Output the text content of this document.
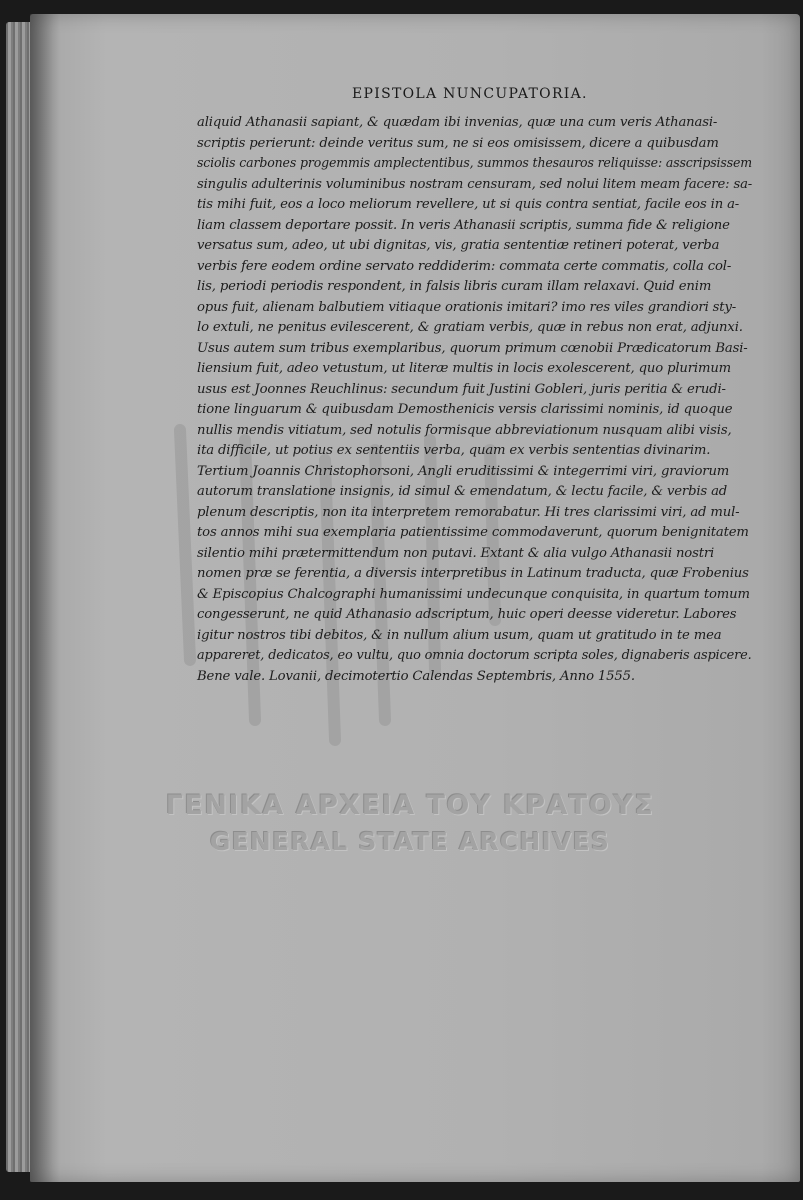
EPISTOLA NUNCUPATORIA.
aliquid Athanasii sapiant, & quædam ibi invenias, quæ una cum veris Athanasi-
scriptis perierunt: deinde veritus sum, ne si eos omisissem, dicere a quibusdam
sciolis carbones progemmis amplectentibus, summos thesauros reliquisse: asscripsissem
singulis adulterinis voluminibus nostram censuram, sed nolui litem meam facere: sa-
tis mihi fuit, eos a loco meliorum revellere, ut si quis contra sentiat, facile eos in a-
liam classem deportare possit. In veris Athanasii scriptis, summa fide & religione
versatus sum, adeo, ut ubi dignitas, vis, gratia sententiæ retineri poterat, verba
verbis fere eodem ordine servato reddiderim: commata certe commatis, colla col-
lis, periodi periodis respondent, in falsis libris curam illam relaxavi. Quid enim
opus fuit, alienam balbutiem vitiaque orationis imitari? imo res viles grandiori sty-
lo extuli, ne penitus evilescerent, & gratiam verbis, quæ in rebus non erat, adjunxi.
Usus autem sum tribus exemplaribus, quorum primum cœnobii Prædicatorum Basi-
liensium fuit, adeo vetustum, ut literæ multis in locis exolescerent, quo plurimum
usus est Joonnes Reuchlinus: secundum fuit Justini Gobleri, juris peritia & erudi-
tione linguarum & quibusdam Demosthenicis versis clarissimi nominis, id quoque
nullis mendis vitiatum, sed notulis formisque abbreviationum nusquam alibi visis,
ita difficile, ut potius ex sententiis verba, quam ex verbis sententias divinarim.
Tertium Joannis Christophorsoni, Angli eruditissimi & integerrimi viri, graviorum
autorum translatione insignis, id simul & emendatum, & lectu facile, & verbis ad
plenum descriptis, non ita interpretem remorabatur. Hi tres clarissimi viri, ad mul-
tos annos mihi sua exemplaria patientissime commodaverunt, quorum benignitatem
silentio mihi prætermittendum non putavi. Extant & alia vulgo Athanasii nostri
nomen præ se ferentia, a diversis interpretibus in Latinum traducta, quæ Frobenius
& Episcopius Chalcographi humanissimi undecunque conquisita, in quartum tomum
congesserunt, ne quid Athanasio adscriptum, huic operi deesse videretur. Labores
igitur nostros tibi debitos, & in nullum alium usum, quam ut gratitudo in te mea
appareret, dedicatos, eo vultu, quo omnia doctorum scripta soles, dignaberis aspicere.
Bene vale. Lovanii, decimotertio Calendas Septembris, Anno 1555.
ΓΕΝΙΚΑ ΑΡΧΕΙΑ ΤΟΥ ΚΡΑΤΟΥΣ
GENERAL STATE ARCHIVES
